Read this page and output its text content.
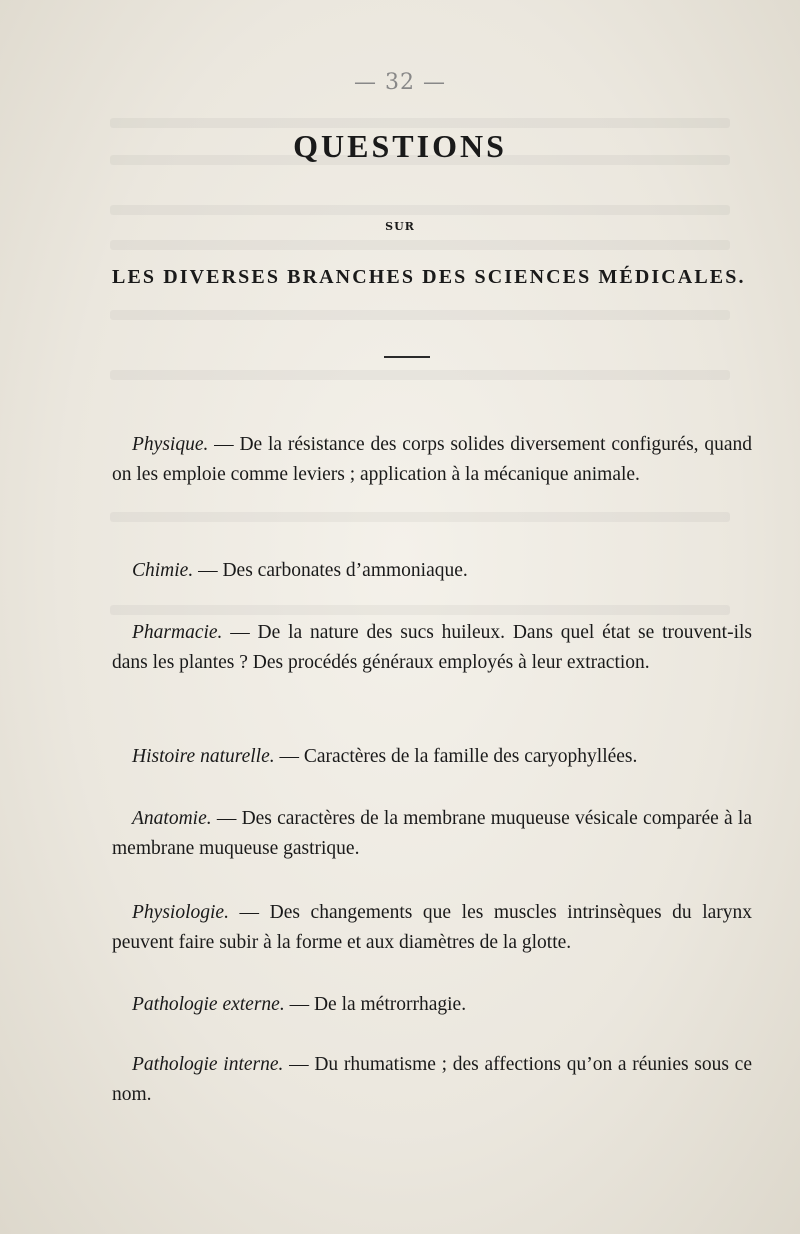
— 32 —
QUESTIONS
SUR
LES DIVERSES BRANCHES DES SCIENCES MÉDICALES.
Physique. — De la résistance des corps solides diversement configurés, quand on les emploie comme leviers ; application à la mécanique animale.
Chimie. — Des carbonates d’ammoniaque.
Pharmacie. — De la nature des sucs huileux. Dans quel état se trouvent-ils dans les plantes ? Des procédés généraux employés à leur extraction.
Histoire naturelle. — Caractères de la famille des caryophyllées.
Anatomie. — Des caractères de la membrane muqueuse vésicale comparée à la membrane muqueuse gastrique.
Physiologie. — Des changements que les muscles intrinsèques du larynx peuvent faire subir à la forme et aux diamètres de la glotte.
Pathologie externe. — De la métrorrhagie.
Pathologie interne. — Du rhumatisme ; des affections qu’on a réunies sous ce nom.
